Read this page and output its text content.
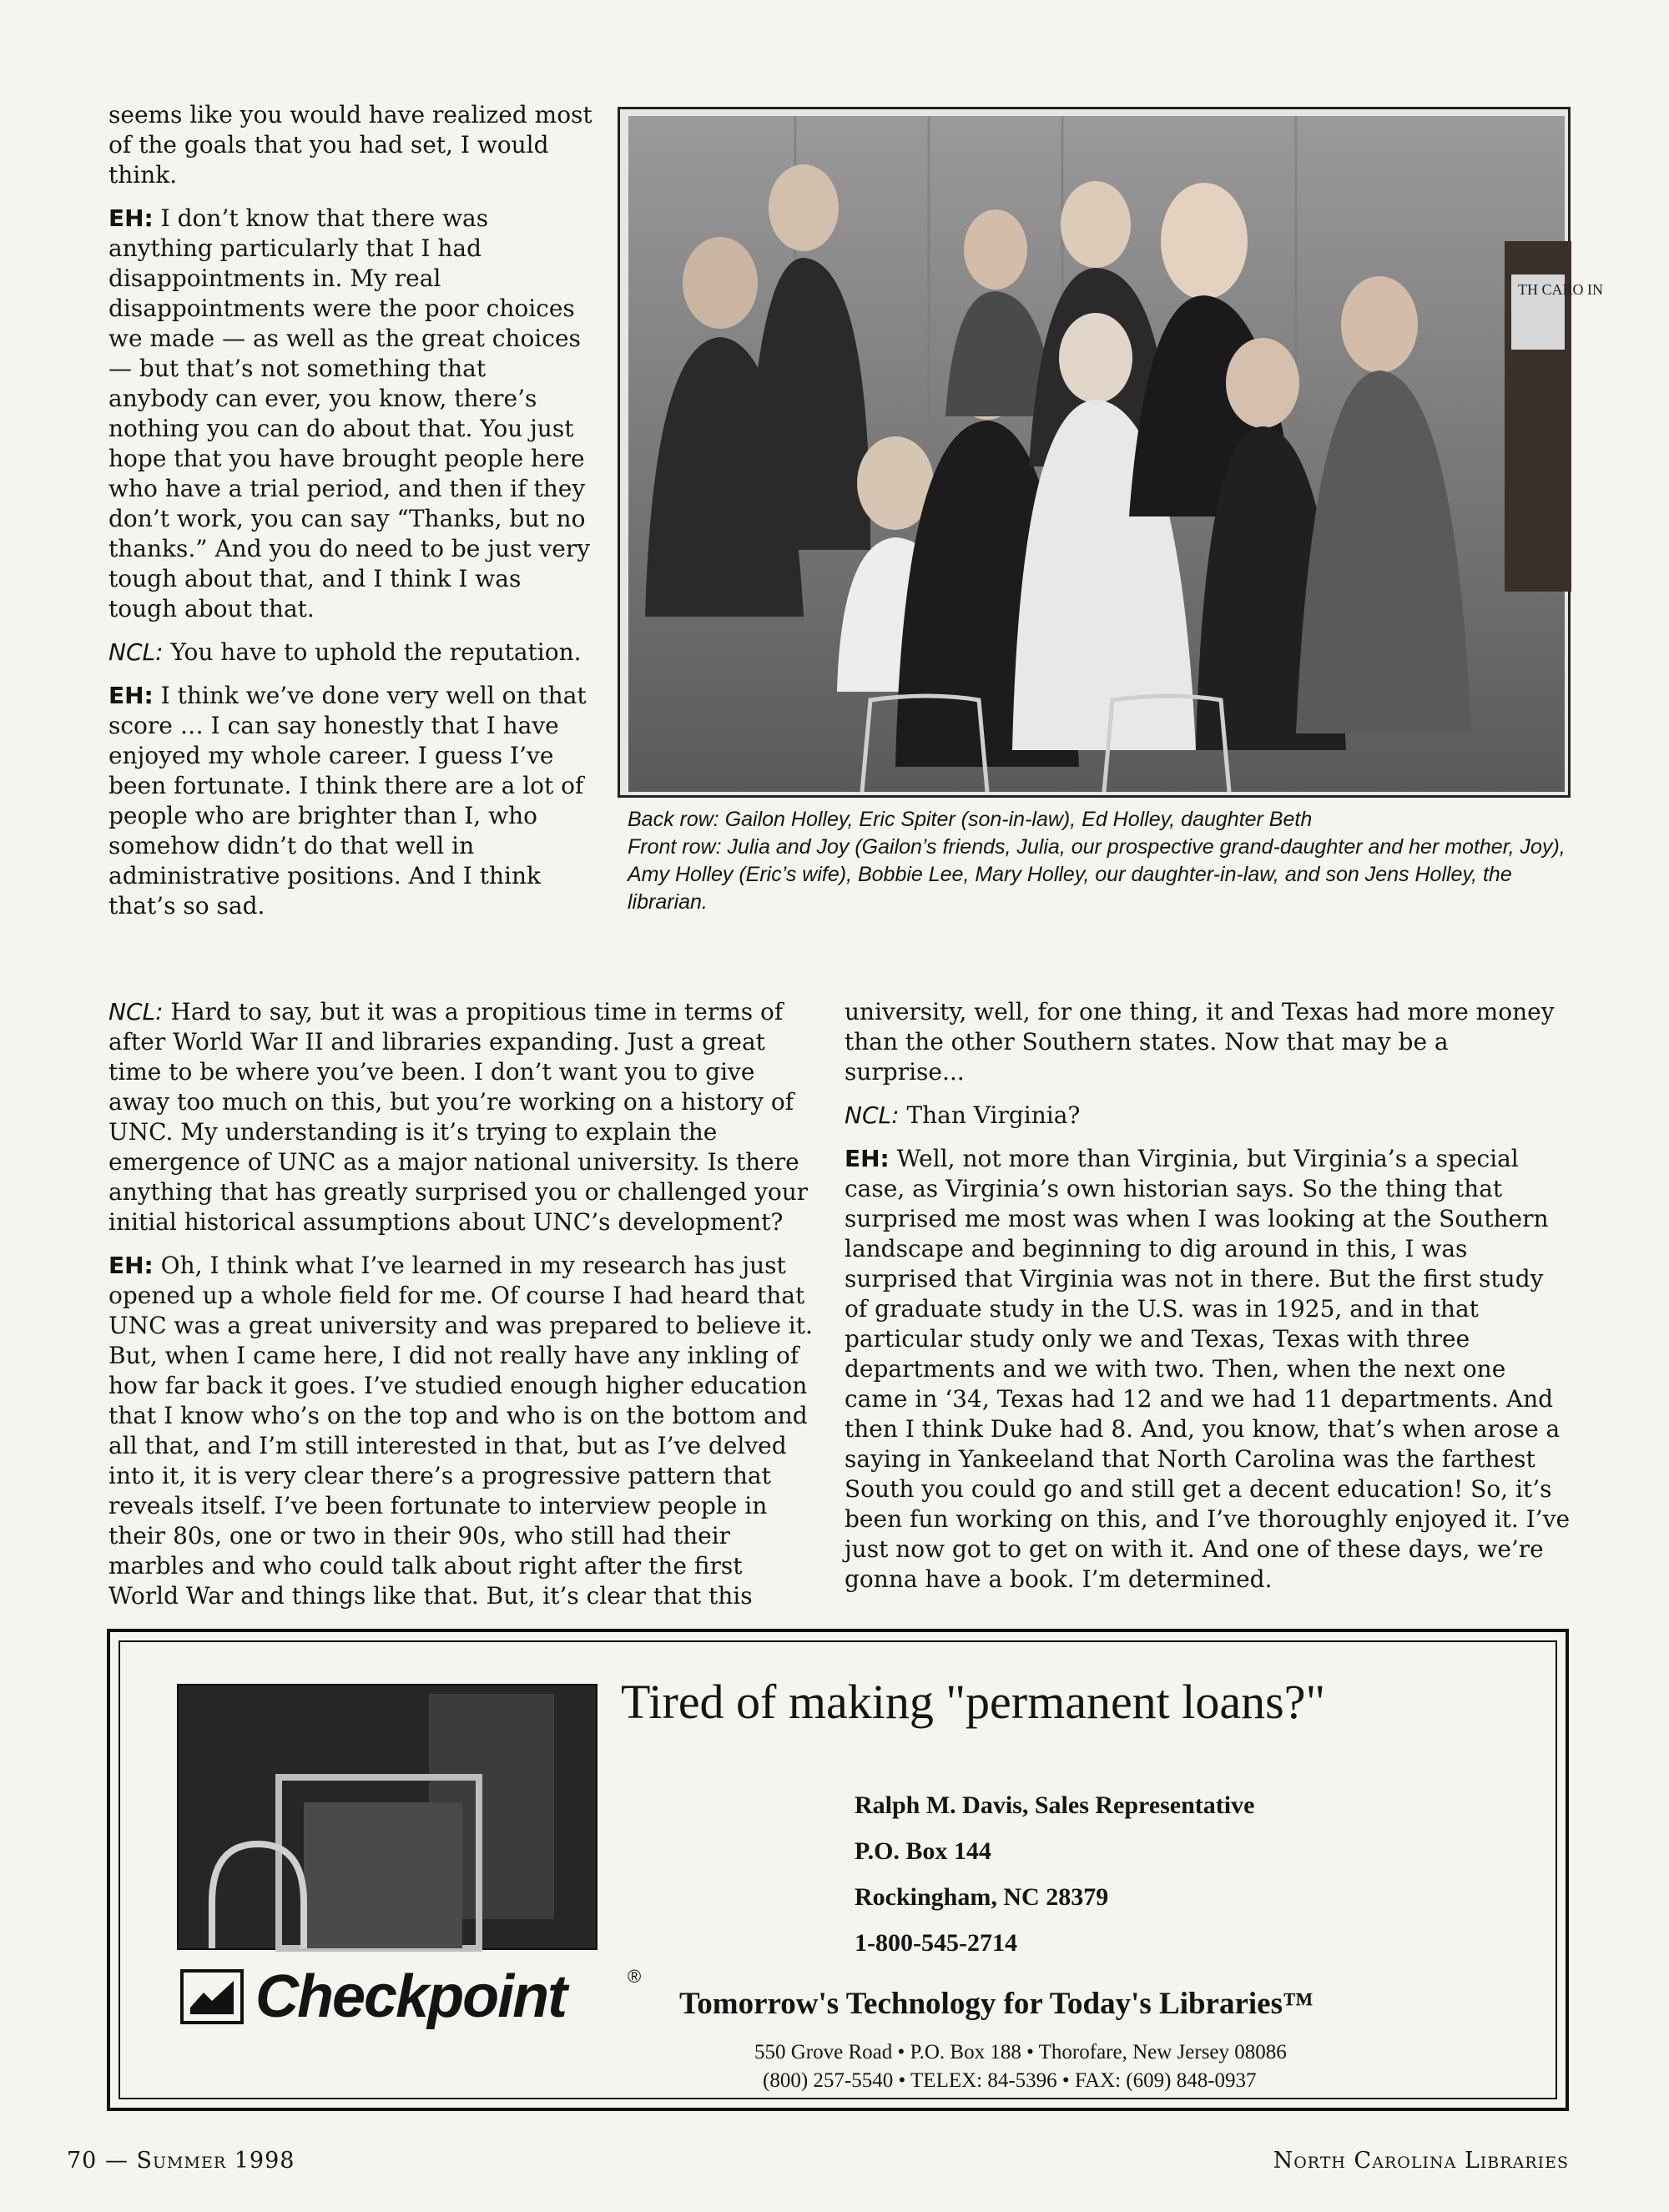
seems like you would have realized most of the goals that you had set, I would think.

EH: I don’t know that there was anything particularly that I had disappointments in. My real disappointments were the poor choices we made — as well as the great choices — but that’s not something that anybody can ever, you know, there’s nothing you can do about that. You just hope that you have brought people here who have a trial period, and then if they don’t work, you can say “Thanks, but no thanks.” And you do need to be just very tough about that, and I think I was tough about that.

NCL: You have to uphold the reputation.

EH: I think we’ve done very well on that score … I can say honestly that I have enjoyed my whole career. I guess I’ve been fortunate. I think there are a lot of people who are brighter than I, who somehow didn’t do that well in administrative positions. And I think that’s so sad.

TH CARO IN
Back row: Gailon Holley, Eric Spiter (son-in-law), Ed Holley, daughter Beth
Front row: Julia and Joy (Gailon’s friends, Julia, our prospective grand-daughter and her mother, Joy), Amy Holley (Eric’s wife), Bobbie Lee, Mary Holley, our daughter-in-law, and son Jens Holley, the librarian.

NCL: Hard to say, but it was a propitious time in terms of after World War II and libraries expanding. Just a great time to be where you’ve been. I don’t want you to give away too much on this, but you’re working on a history of UNC. My understanding is it’s trying to explain the emergence of UNC as a major national university. Is there anything that has greatly surprised you or challenged your initial historical assumptions about UNC’s development?

EH: Oh, I think what I’ve learned in my research has just opened up a whole field for me. Of course I had heard that UNC was a great university and was prepared to believe it. But, when I came here, I did not really have any inkling of how far back it goes. I’ve studied enough higher education that I know who’s on the top and who is on the bottom and all that, and I’m still interested in that, but as I’ve delved into it, it is very clear there’s a progressive pattern that reveals itself. I’ve been fortunate to interview people in their 80s, one or two in their 90s, who still had their marbles and who could talk about right after the first World War and things like that. But, it’s clear that this

university, well, for one thing, it and Texas had more money than the other Southern states. Now that may be a surprise...

NCL: Than Virginia?

EH: Well, not more than Virginia, but Virginia’s a special case, as Virginia’s own historian says. So the thing that surprised me most was when I was looking at the Southern landscape and beginning to dig around in this, I was surprised that Virginia was not in there. But the first study of graduate study in the U.S. was in 1925, and in that particular study only we and Texas, Texas with three departments and we with two. Then, when the next one came in ‘34, Texas had 12 and we had 11 departments. And then I think Duke had 8. And, you know, that’s when arose a saying in Yankeeland that North Carolina was the farthest South you could go and still get a decent education! So, it’s been fun working on this, and I’ve thoroughly enjoyed it. I’ve just now got to get on with it. And one of these days, we’re gonna have a book. I’m determined.

Checkpoint	®
Tired of making "permanent loans?"
Ralph M. Davis, Sales Representative
P.O. Box 144
Rockingham, NC 28379
1-800-545-2714
Tomorrow's Technology for Today's Libraries™
550 Grove Road • P.O. Box 188 • Thorofare, New Jersey 08086
(800) 257-5540 • TELEX: 84-5396 • FAX: (609) 848-0937
70 — Summer 1998	North Carolina Libraries
